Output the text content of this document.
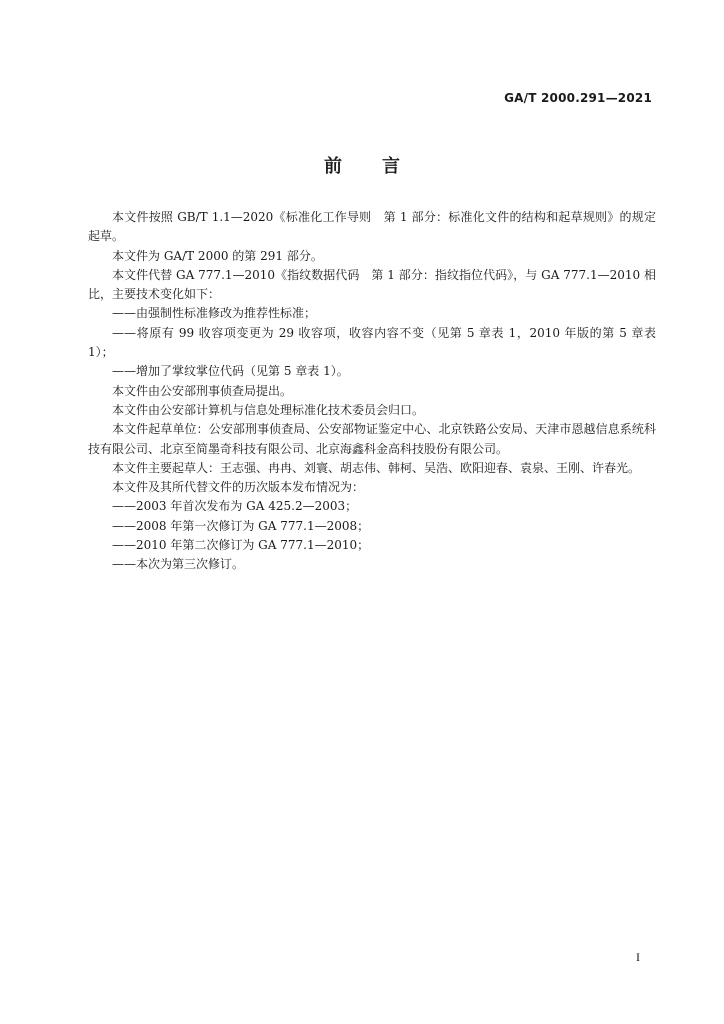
GA/T 2000.291—2021
前 言

本文件按照 GB/T 1.1—2020《标准化工作导则　第 1 部分：标准化文件的结构和起草规则》的规定起草。

本文件为 GA/T 2000 的第 291 部分。

本文件代替 GA 777.1—2010《指纹数据代码　第 1 部分：指纹指位代码》，与 GA 777.1—2010 相比，主要技术变化如下：

——由强制性标准修改为推荐性标准；

——将原有 99 收容项变更为 29 收容项，收容内容不变（见第 5 章表 1，2010 年版的第 5 章表 1）；

——增加了掌纹掌位代码（见第 5 章表 1）。

本文件由公安部刑事侦查局提出。

本文件由公安部计算机与信息处理标准化技术委员会归口。

本文件起草单位：公安部刑事侦查局、公安部物证鉴定中心、北京铁路公安局、天津市恩越信息系统科技有限公司、北京至简墨奇科技有限公司、北京海鑫科金高科技股份有限公司。

本文件主要起草人：王志强、冉冉、刘寰、胡志伟、韩柯、吴浩、欧阳迎春、袁泉、王刚、许春光。

本文件及其所代替文件的历次版本发布情况为：

——2003 年首次发布为 GA 425.2—2003；

——2008 年第一次修订为 GA 777.1—2008；

——2010 年第二次修订为 GA 777.1—2010；

——本次为第三次修订。

I
